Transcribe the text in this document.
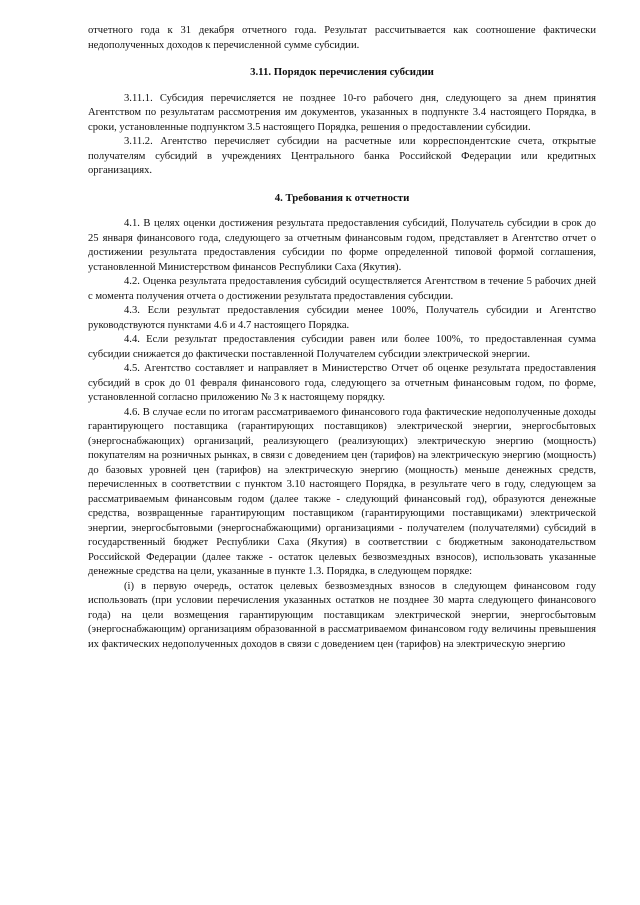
отчетного года к 31 декабря отчетного года. Результат рассчитывается как соотношение фактически недополученных доходов к перечисленной сумме субсидии.

3.11. Порядок перечисления субсидии

3.11.1. Субсидия перечисляется не позднее 10-го рабочего дня, следующего за днем принятия Агентством по результатам рассмотрения им документов, указанных в подпункте 3.4 настоящего Порядка, в сроки, установленные подпунктом 3.5 настоящего Порядка, решения о предоставлении субсидии.

3.11.2. Агентство перечисляет субсидии на расчетные или корреспондентские счета, открытые получателям субсидий в учреждениях Центрального банка Российской Федерации или кредитных организациях.

4. Требования к отчетности

4.1. В целях оценки достижения результата предоставления субсидий, Получатель субсидии в срок до 25 января финансового года, следующего за отчетным финансовым годом, представляет в Агентство отчет о достижении результата предоставления субсидии по форме определенной типовой формой соглашения, установленной Министерством финансов Республики Саха (Якутия).

4.2. Оценка результата предоставления субсидий осуществляется Агентством в течение 5 рабочих дней с момента получения отчета о достижении результата предоставления субсидии.

4.3. Если результат предоставления субсидии менее 100%, Получатель субсидии и Агентство руководствуются пунктами 4.6 и 4.7 настоящего Порядка.

4.4. Если результат предоставления субсидии равен или более 100%, то предоставленная сумма субсидии снижается до фактически поставленной Получателем субсидии электрической энергии.

4.5. Агентство составляет и направляет в Министерство Отчет об оценке результата предоставления субсидий в срок до 01 февраля финансового года, следующего за отчетным финансовым годом, по форме, установленной согласно приложению № 3 к настоящему порядку.

4.6. В случае если по итогам рассматриваемого финансового года фактические недополученные доходы гарантирующего поставщика (гарантирующих поставщиков) электрической энергии, энергосбытовых (энергоснабжающих) организаций, реализующего (реализующих) электрическую энергию (мощность) покупателям на розничных рынках, в связи с доведением цен (тарифов) на электрическую энергию (мощность) до базовых уровней цен (тарифов) на электрическую энергию (мощность) меньше денежных средств, перечисленных в соответствии с пунктом 3.10 настоящего Порядка, в результате чего в году, следующем за рассматриваемым финансовым годом (далее также - следующий финансовый год), образуются денежные средства, возвращенные гарантирующим поставщиком (гарантирующими поставщиками) электрической энергии, энергосбытовыми (энергоснабжающими) организациями - получателем (получателями) субсидий в государственный бюджет Республики Саха (Якутия) в соответствии с бюджетным законодательством Российской Федерации (далее также - остаток целевых безвозмездных взносов), использовать указанные денежные средства на цели, указанные в пункте 1.3. Порядка, в следующем порядке:

(i) в первую очередь, остаток целевых безвозмездных взносов в следующем финансовом году использовать (при условии перечисления указанных остатков не позднее 30 марта следующего финансового года) на цели возмещения гарантирующим поставщикам электрической энергии, энергосбытовым (энергоснабжающим) организациям образованной в рассматриваемом финансовом году величины превышения их фактических недополученных доходов в связи с доведением цен (тарифов) на электрическую энергию
